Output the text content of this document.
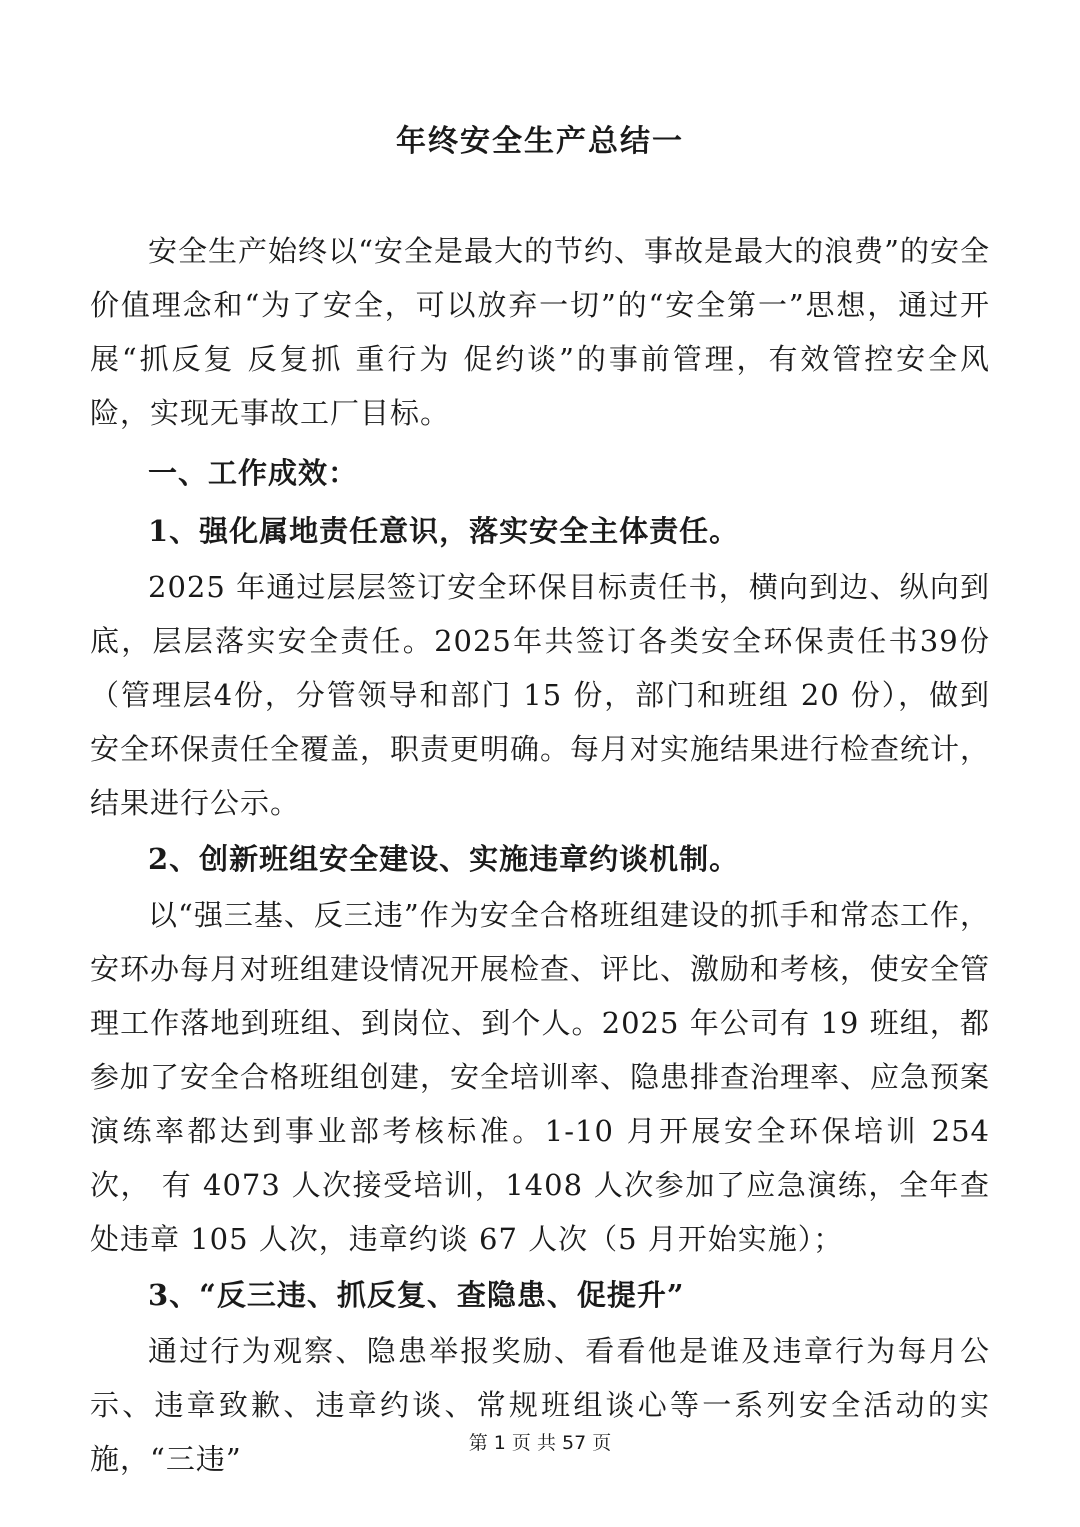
年终安全生产总结一

安全生产始终以“安全是最大的节约、事故是最大的浪费”的安全价值理念和“为了安全，可以放弃一切”的“安全第一”思想，通过开展“抓反复 反复抓 重行为 促约谈”的事前管理，有效管控安全风险，实现无事故工厂目标。

一、工作成效：

1、强化属地责任意识，落实安全主体责任。

2025 年通过层层签订安全环保目标责任书，横向到边、纵向到底，层层落实安全责任。2025年共签订各类安全环保责任书39份（管理层4份，分管领导和部门 15 份，部门和班组 20 份），做到安全环保责任全覆盖，职责更明确。每月对实施结果进行检查统计，结果进行公示。

2、创新班组安全建设、实施违章约谈机制。

以“强三基、反三违”作为安全合格班组建设的抓手和常态工作，安环办每月对班组建设情况开展检查、评比、激励和考核，使安全管理工作落地到班组、到岗位、到个人。2025 年公司有 19 班组，都参加了安全合格班组创建，安全培训率、隐患排查治理率、应急预案演练率都达到事业部考核标准。1-10 月开展安全环保培训 254 次， 有 4073 人次接受培训，1408 人次参加了应急演练，全年查处违章 105 人次，违章约谈 67 人次（5 月开始实施）；

3、“反三违、抓反复、查隐患、促提升”

通过行为观察、隐患举报奖励、看看他是谁及违章行为每月公示、违章致歉、违章约谈、常规班组谈心等一系列安全活动的实施，“三违”	第 1 页 共 57 页
